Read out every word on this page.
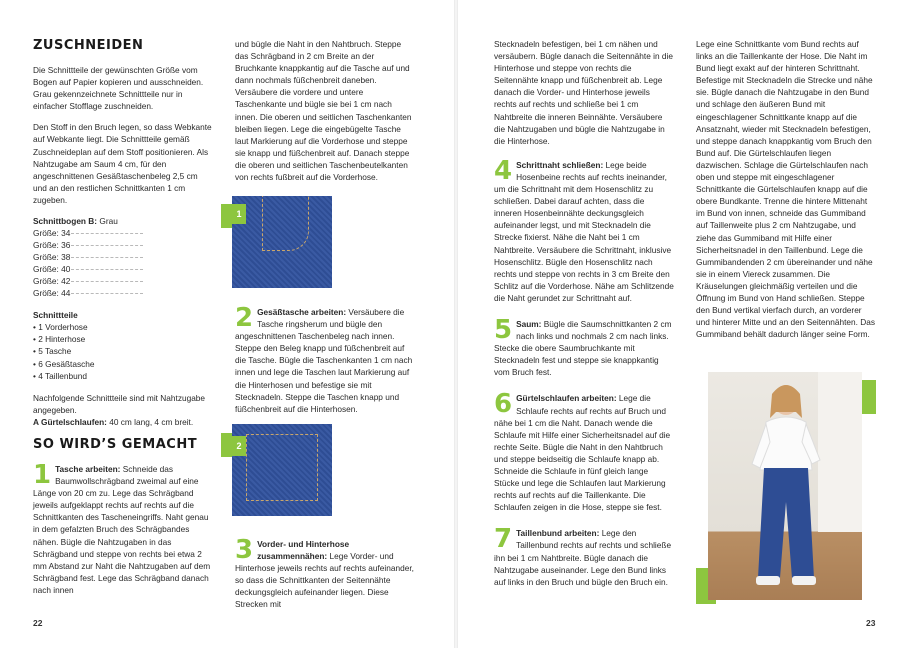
ZUSCHNEIDEN

Die Schnittteile der gewünschten Größe vom Bogen auf Papier kopieren und ausschneiden. Grau gekennzeichnete Schnittteile nur in einfacher Stofflage zuschneiden.

Den Stoff in den Bruch legen, so dass Webkante auf Webkante liegt. Die Schnittteile gemäß Zuschneideplan auf dem Stoff positionieren. Als Nahtzugabe am Saum 4 cm, für den angeschnittenen Gesäßtaschenbeleg 2,5 cm und an den restlichen Schnittkanten 1 cm zugeben.

Schnittbogen B: Grau
Größe: 34
Größe: 36
Größe: 38
Größe: 40
Größe: 42
Größe: 44
Schnittteile
• 1 Vorderhose
• 2 Hinterhose
• 5 Tasche
• 6 Gesäßtasche
• 4 Taillenbund
Nachfolgende Schnittteile sind mit Nahtzugabe angegeben.

A Gürtelschlaufen: 40 cm lang, 4 cm breit.

SO WIRD’S GEMACHT
1 Tasche arbeiten: Schneide das Baumwollschrägband zweimal auf eine Länge von 20 cm zu. Lege das Schrägband jeweils aufgeklappt rechts auf rechts auf die Schnittkanten des Tascheneingriffs. Naht genau in dem gefalzten Bruch des Schrägbandes nähen. Bügle die Nahtzugaben in das Schrägband und steppe von rechts bei etwa 2 mm Abstand zur Naht die Nahtzugaben auf dem Schrägband fest. Lege das Schrägband danach nach innen

und bügle die Naht in den Nahtbruch. Steppe das Schrägband in 2 cm Breite an der Bruchkante knappkantig auf die Tasche auf und dann nochmals füßchenbreit daneben. Versäubere die vordere und untere Taschenkante und bügle sie bei 1 cm nach innen. Die oberen und seitlichen Taschenkanten bleiben liegen. Lege die eingebügelte Tasche laut Markierung auf die Vorderhose und steppe sie knapp und füßchenbreit auf. Danach steppe die oberen und seitlichen Taschenbeutelkanten von rechts fußbreit auf die Vorderhose.

1
2 Gesäßtasche arbeiten: Versäubere die Tasche ringsherum und bügle den angeschnittenen Taschenbeleg nach innen. Steppe den Beleg knapp und füßchenbreit auf die Tasche. Bügle die Taschenkanten 1 cm nach innen und lege die Taschen laut Markierung auf die Hinterhosen und befestige sie mit Stecknadeln. Steppe die Taschen knapp und füßchenbreit auf die Hinterhosen.
2
3 Vorder- und Hinterhose zusammennähen: Lege Vorder- und Hinterhose jeweils rechts auf rechts aufeinander, so dass die Schnittkanten der Seitennähte deckungsgleich aufeinander liegen. Diese Strecken mit
22

Stecknadeln befestigen, bei 1 cm nähen und versäubern. Bügle danach die Seitennähte in die Hinterhose und steppe von rechts die Seitennähte knapp und füßchenbreit ab. Lege danach die Vorder- und Hinterhose jeweils rechts auf rechts und schließe bei 1 cm Nahtbreite die inneren Beinnähte. Versäubere die Nahtzugaben und bügle die Nahtzugabe in die Hinterhose.

4 Schrittnaht schließen: Lege beide Hosenbeine rechts auf rechts ineinander, um die Schrittnaht mit dem Hosenschlitz zu schließen. Dabei darauf achten, dass die inneren Hosenbeinnähte deckungsgleich aufeinander legst, und mit Stecknadeln die Strecke fixierst. Nähe die Naht bei 1 cm Nahtbreite. Versäubere die Schrittnaht, inklusive Hosenschlitz. Bügle den Hosenschlitz nach rechts und steppe von rechts in 3 cm Breite den Schlitz auf die Vorderhose. Nähe am Schlitzende die Naht gerundet zur Schrittnaht auf.
5 Saum: Bügle die Saumschnittkanten 2 cm nach links und nochmals 2 cm nach links. Stecke die obere Saumbruchkante mit Stecknadeln fest und steppe sie knappkantig vom Bruch fest.
6 Gürtelschlaufen arbeiten: Lege die Schlaufe rechts auf rechts auf Bruch und nähe bei 1 cm die Naht. Danach wende die Schlaufe mit Hilfe einer Sicherheitsnadel auf die rechte Seite. Bügle die Naht in den Nahtbruch und steppe beidseitig die Schlaufe knapp ab. Schneide die Schlaufe in fünf gleich lange Stücke und lege die Schlaufen laut Markierung rechts auf rechts auf die Taillenkante. Die Schlaufen zeigen in die Hose, steppe sie fest.
7 Taillenbund arbeiten: Lege den Taillenbund rechts auf rechts und schließe ihn bei 1 cm Nahtbreite. Bügle danach die Nahtzugabe auseinander. Lege den Bund links auf links in den Bruch und bügle den Bruch ein.

Lege eine Schnittkante vom Bund rechts auf links an die Taillenkante der Hose. Die Naht im Bund liegt exakt auf der hinteren Schrittnaht. Befestige mit Stecknadeln die Strecke und nähe sie. Bügle danach die Nahtzugabe in den Bund und schlage den äußeren Bund mit eingeschlagener Schnittkante knapp auf die Ansatznaht, wieder mit Stecknadeln befestigen, und steppe danach knappkantig vom Bruch den Bund auf. Die Gürtelschlaufen liegen dazwischen. Schlage die Gürtelschlaufen nach oben und steppe mit eingeschlagener Schnittkante die Gürtelschlaufen knapp auf die obere Bundkante. Trenne die hintere Mittenaht im Bund von innen, schneide das Gummiband auf Taillenweite plus 2 cm Nahtzugabe, und ziehe das Gummiband mit Hilfe einer Sicherheitsnadel in den Taillenbund. Lege die Gummibandenden 2 cm übereinander und nähe sie in einem Viereck zusammen. Die Kräuselungen gleichmäßig verteilen und die Öffnung im Bund von Hand schließen. Steppe den Bund vertikal vierfach durch, an vorderer und hinterer Mitte und an den Seitennähten. Das Gummiband behält dadurch länger seine Form.

23
